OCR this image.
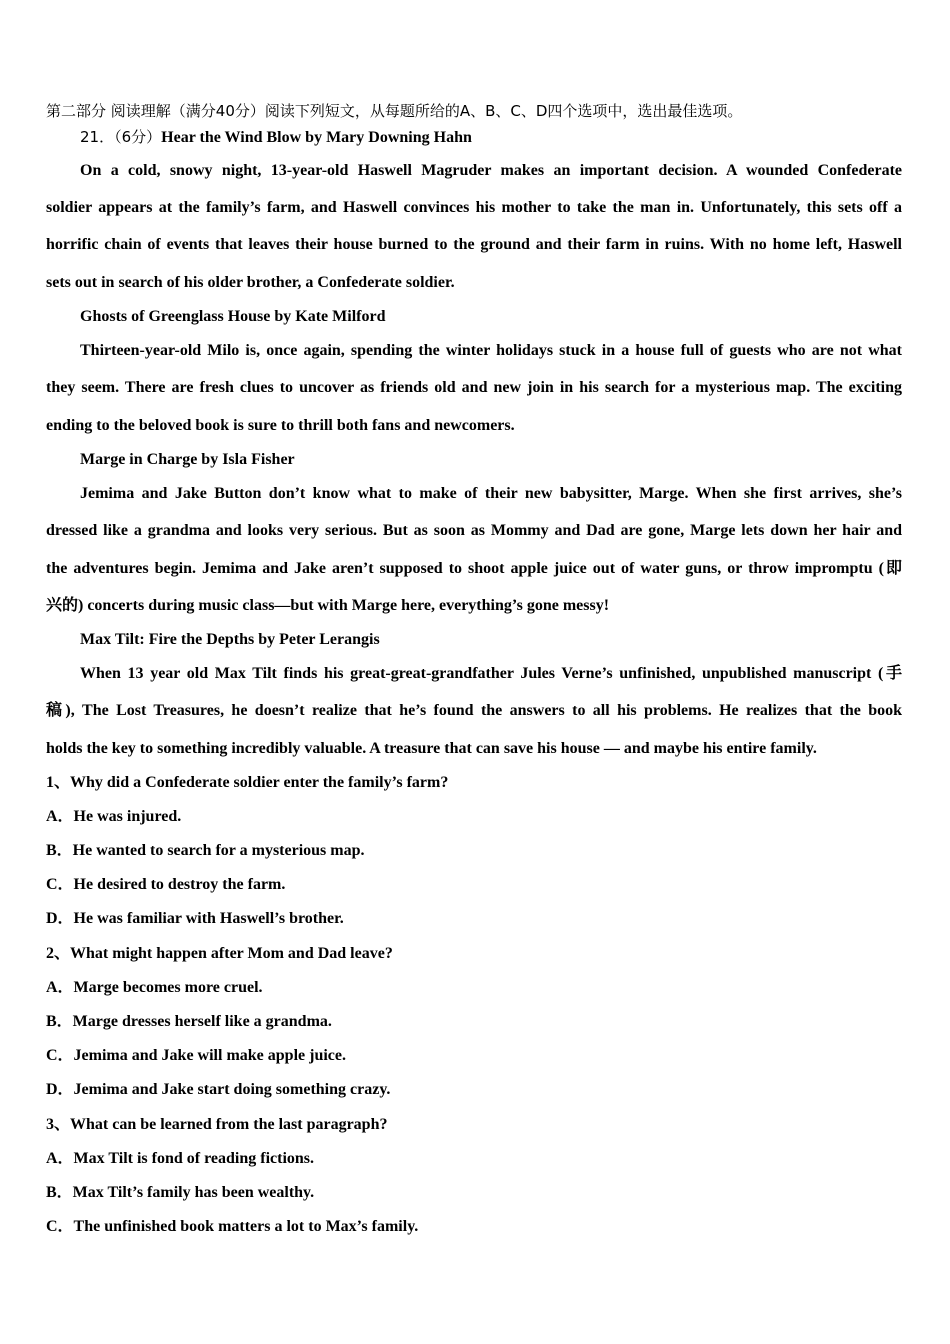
第二部分 阅读理解（满分40分）阅读下列短文，从每题所给的A、B、C、D四个选项中，选出最佳选项。
21．（6分）Hear the Wind Blow by Mary Downing Hahn
On a cold, snowy night, 13-year-old Haswell Magruder makes an important decision. A wounded Confederate
soldier appears at the family’s farm, and Haswell convinces his mother to take the man in. Unfortunately, this sets off a
horrific chain of events that leaves their house burned to the ground and their farm in ruins. With no home left, Haswell
sets out in search of his older brother, a Confederate soldier.
Ghosts of Greenglass House by Kate Milford
Thirteen-year-old Milo is, once again, spending the winter holidays stuck in a house full of guests who are not what
they seem. There are fresh clues to uncover as friends old and new join in his search for a mysterious map. The exciting
ending to the beloved book is sure to thrill both fans and newcomers.
Marge in Charge by Isla Fisher
Jemima and Jake Button don’t know what to make of their new babysitter, Marge. When she first arrives, she’s
dressed like a grandma and looks very serious. But as soon as Mommy and Dad are gone, Marge lets down her hair and
the adventures begin. Jemima and Jake aren’t supposed to shoot apple juice out of water guns, or throw impromptu (即
兴的) concerts during music class—but with Marge here, everything’s gone messy!
Max Tilt: Fire the Depths by Peter Lerangis
When 13 year old Max Tilt finds his great-great-grandfather Jules Verne’s unfinished, unpublished manuscript (手
稿), The Lost Treasures, he doesn’t realize that he’s found the answers to all his problems. He realizes that the book
holds the key to something incredibly valuable. A treasure that can save his house — and maybe his entire family.
1、Why did a Confederate soldier enter the family’s farm?
A．He was injured.
B．He wanted to search for a mysterious map.
C．He desired to destroy the farm.
D．He was familiar with Haswell’s brother.
2、What might happen after Mom and Dad leave?
A．Marge becomes more cruel.
B．Marge dresses herself like a grandma.
C．Jemima and Jake will make apple juice.
D．Jemima and Jake start doing something crazy.
3、What can be learned from the last paragraph?
A．Max Tilt is fond of reading fictions.
B．Max Tilt’s family has been wealthy.
C．The unfinished book matters a lot to Max’s family.
